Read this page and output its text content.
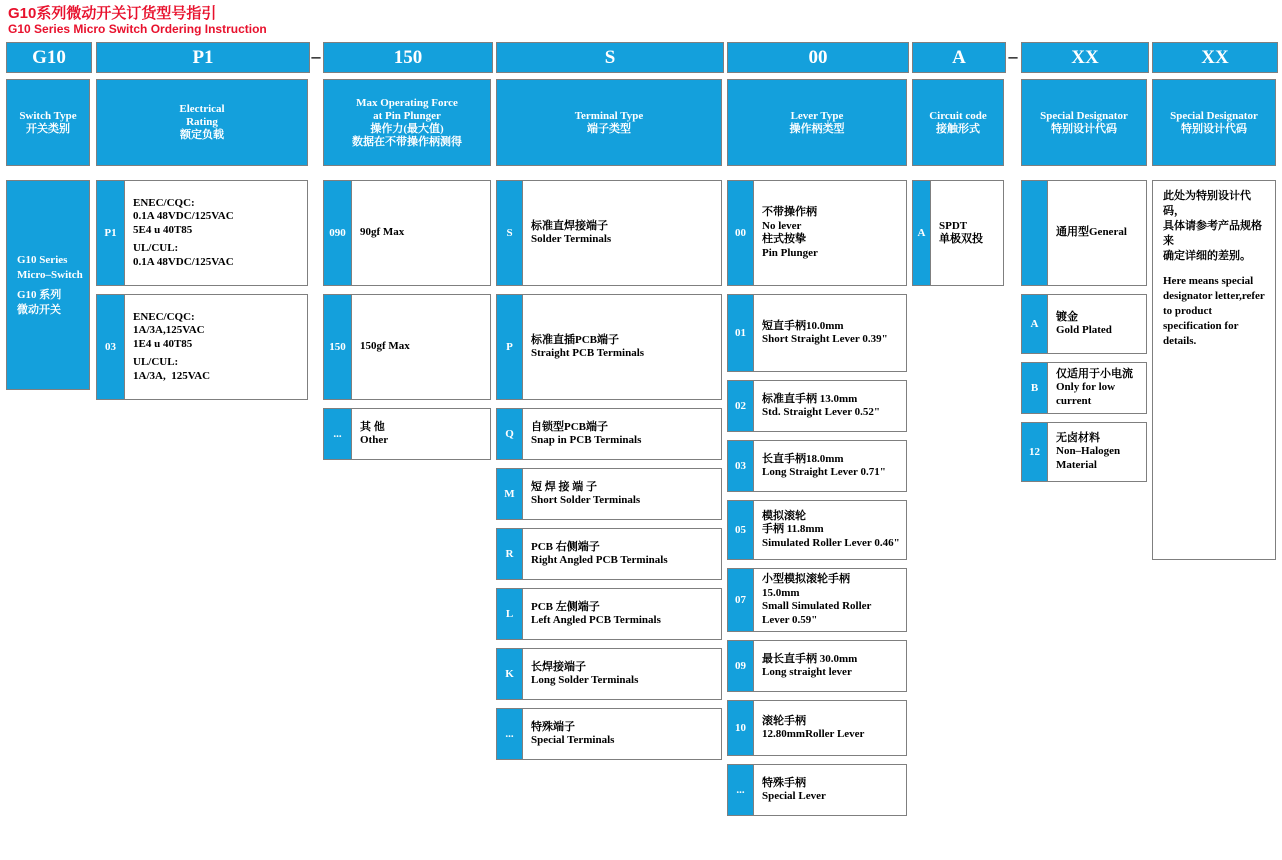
G10系列微动开关订货型号指引
G10 Series Micro Switch Ordering Instruction
G10	P1	–	150	S	00	A	–	XX	XX
Switch Type
开关类别
Electrical
Rating
额定负载
Max Operating Force
at Pin Plunger
操作力(最大值)
数据在不带操作柄测得
Terminal Type
端子类型
Lever Type
操作柄类型
Circuit code
接触形式
Special Designator
特别设计代码
Special Designator
特别设计代码
G10 Series
Micro–Switch

G10 系列
微动开关
P1
ENEC/CQC:
0.1A 48VDC/125VAC
5E4 u 40T85

UL/CUL:
0.1A 48VDC/125VAC
03
ENEC/CQC:
1A/3A,125VAC
1E4 u 40T85

UL/CUL:
1A/3A,  125VAC
090	90gf Max
150	150gf Max
...
其 他
Other
S
标准直焊接端子
Solder Terminals
P
标准直插PCB端子
Straight PCB Terminals
Q
自锁型PCB端子
Snap in PCB Terminals
M
短 焊 接 端 子
Short Solder Terminals
R
PCB 右侧端子
Right Angled PCB Terminals
L
PCB 左侧端子
Left Angled PCB Terminals
K
长焊接端子
Long Solder Terminals
...
特殊端子
Special Terminals
00
不带操作柄
No lever
柱式按挚
Pin Plunger
01
短直手柄10.0mm
Short Straight Lever 0.39"
02
标准直手柄 13.0mm
Std. Straight Lever 0.52"
03
长直手柄18.0mm
Long Straight Lever 0.71"
05
模拟滚轮
手柄 11.8mm
Simulated Roller Lever 0.46"
07
小型模拟滚轮手柄
15.0mm
Small Simulated Roller
Lever 0.59"
09
最长直手柄 30.0mm
Long straight lever
10
滚轮手柄
12.80mmRoller Lever
...
特殊手柄
Special Lever
A
SPDT
单极双投
通用型General
A
镀金
Gold Plated
B
仅适用于小电流
Only for low
current
12
无卤材料
Non–Halogen
Material
此处为特别设计代码，
具体请参考产品规格来
确定详细的差别。
Here means special
designator letter,refer
to product
specification for
details.
